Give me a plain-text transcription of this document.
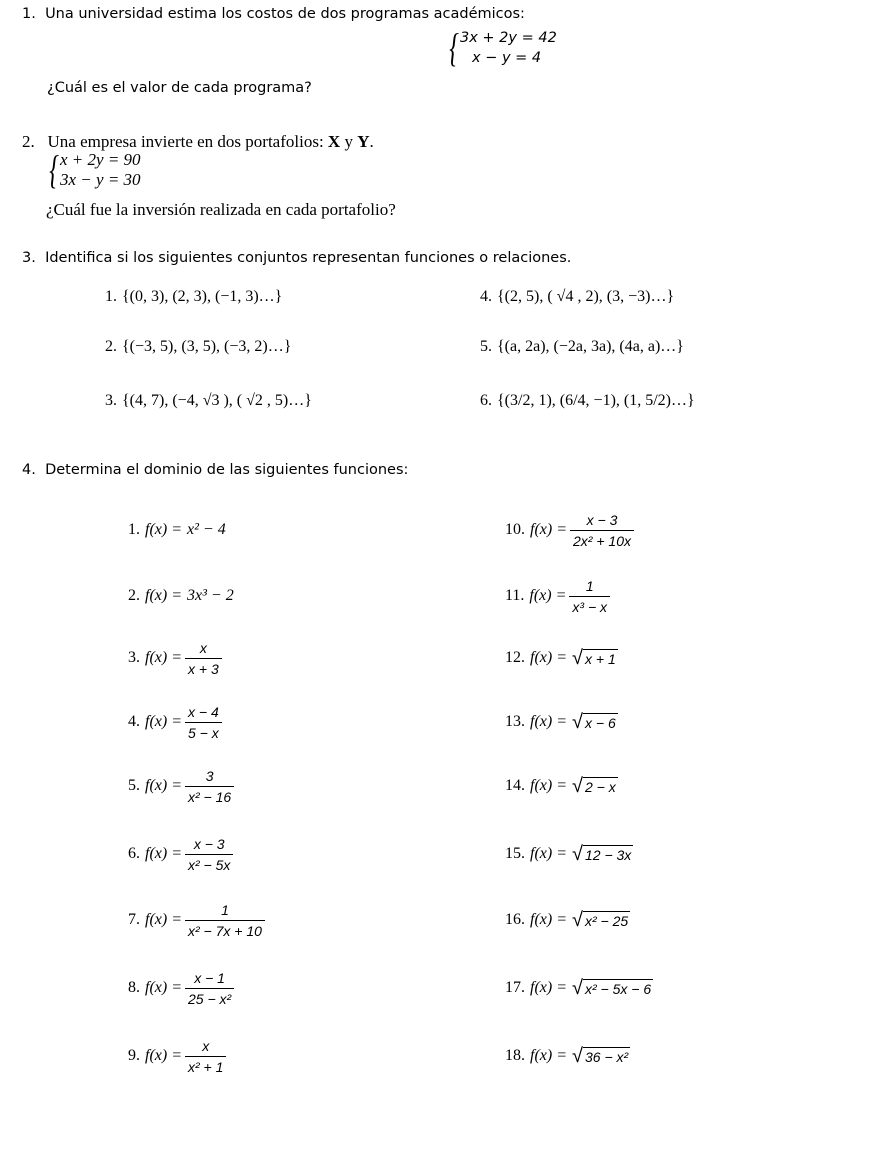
1. Una universidad estima los costos de dos programas académicos:
{ 3x + 2y = 42
x − y = 4
¿Cuál es el valor de cada programa?
2. Una empresa invierte en dos portafolios: X y Y.
{ x + 2y = 90
3x − y = 30
¿Cuál fue la inversión realizada en cada portafolio?
3. Identifica si los siguientes conjuntos representan funciones o relaciones.
4. Determina el dominio de las siguientes funciones:
1. {(0, 3), (2, 3), (−1, 3)…}
2. {(−3, 5), (3, 5), (−3, 2)…}
3. {(4, 7), (−4, √3 ), ( √2 , 5)…}
4. {(2, 5), ( √4 , 2), (3, −3)…}
5. {(a, 2a), (−2a, 3a), (4a, a)…}
6. {(3/2, 1), (6/4, −1), (1, 5/2)…}
1. f(x) = x² − 4
2. f(x) = 3x³ − 2
3. $f(x) = \frac{x}{x + 3}$
4. $f(x) = \frac{x - 4}{5 - x}$
5. $f(x) = \frac{3}{\text{x² − 16}}$
6. $f(x) = \frac{x - 3}{\text{x² − 5x}}$
7. $f(x) = \frac{1}{\text{x² − 7x + 10}}$
8. $f(x) = \frac{x - 1}{\text{25 − x²}}$
9. $f(x) = \frac{x}{\text{x² + 1}}$
10. $f(x) = \frac{x - 3}{\text{2x² + 10x}}$
11. $f(x) = \frac{1}{\text{x³ − x}}$
12. f(x) = √ x + 1
13. f(x) = √ x − 6
14. f(x) = √ 2 − x
15. f(x) = √ 12 − 3x
16. f(x) = √ x² − 25
17. f(x) = √ x² − 5x − 6
18. f(x) = √ 36 − x²
